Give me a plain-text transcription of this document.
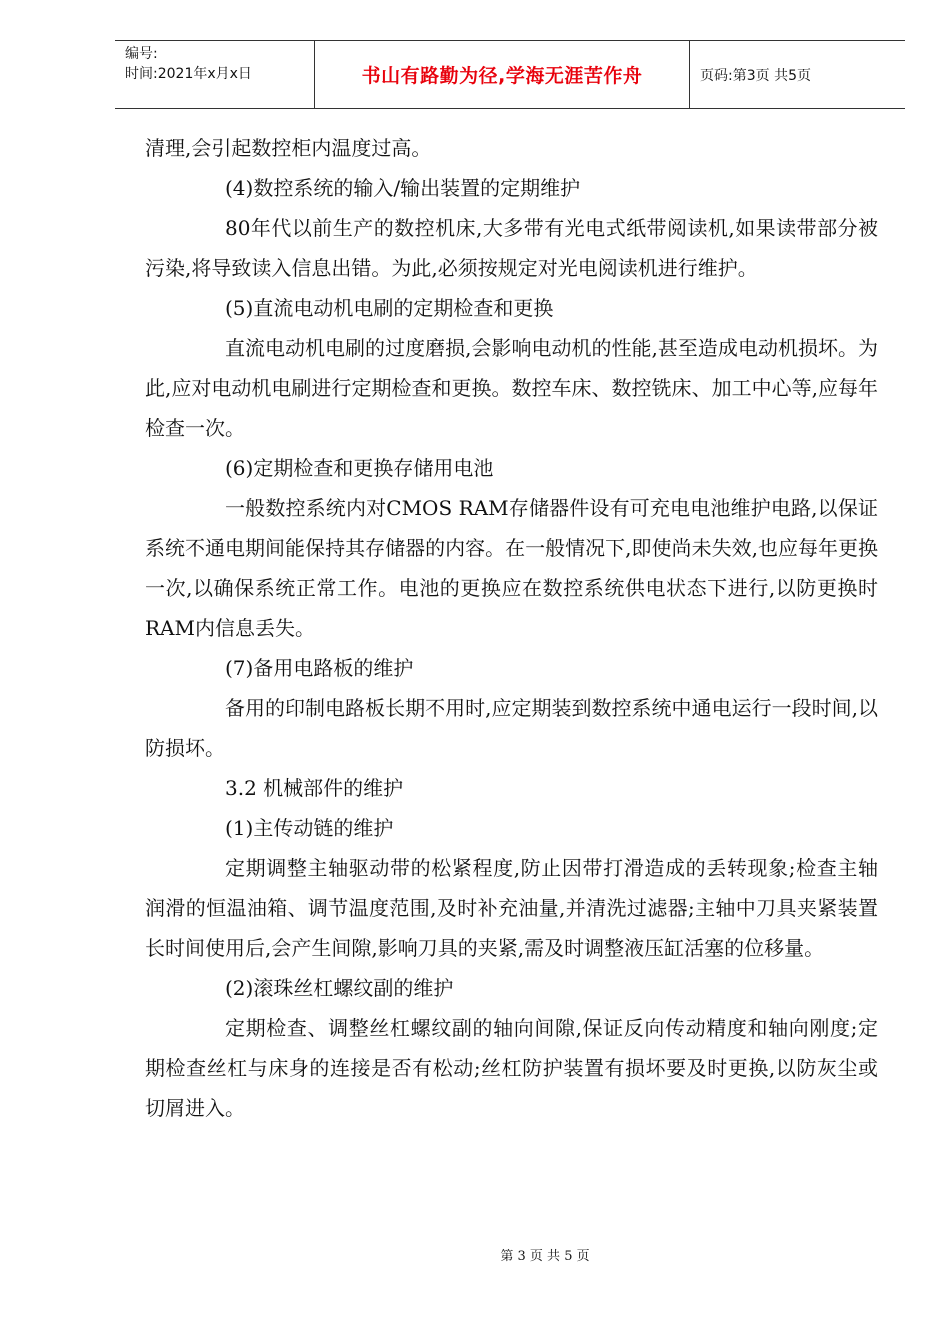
编号:
时间:2021年x月x日	书山有路勤为径,学海无涯苦作舟	页码:第3页 共5页

清理,会引起数控柜内温度过高。

(4)数控系统的输入/输出装置的定期维护

80年代以前生产的数控机床,大多带有光电式纸带阅读机,如果读带部分被污染,将导致读入信息出错。为此,必须按规定对光电阅读机进行维护。

(5)直流电动机电刷的定期检查和更换

直流电动机电刷的过度磨损,会影响电动机的性能,甚至造成电动机损坏。为此,应对电动机电刷进行定期检查和更换。数控车床、数控铣床、加工中心等,应每年检查一次。

(6)定期检查和更换存储用电池

一般数控系统内对CMOS RAM存储器件设有可充电电池维护电路,以保证系统不通电期间能保持其存储器的内容。在一般情况下,即使尚未失效,也应每年更换一次,以确保系统正常工作。电池的更换应在数控系统供电状态下进行,以防更换时RAM内信息丢失。

(7)备用电路板的维护

备用的印制电路板长期不用时,应定期装到数控系统中通电运行一段时间,以防损坏。

3.2 机械部件的维护

(1)主传动链的维护

定期调整主轴驱动带的松紧程度,防止因带打滑造成的丢转现象;检查主轴润滑的恒温油箱、调节温度范围,及时补充油量,并清洗过滤器;主轴中刀具夹紧装置长时间使用后,会产生间隙,影响刀具的夹紧,需及时调整液压缸活塞的位移量。

(2)滚珠丝杠螺纹副的维护

定期检查、调整丝杠螺纹副的轴向间隙,保证反向传动精度和轴向刚度;定期检查丝杠与床身的连接是否有松动;丝杠防护装置有损坏要及时更换,以防灰尘或切屑进入。

第 3 页 共 5 页
